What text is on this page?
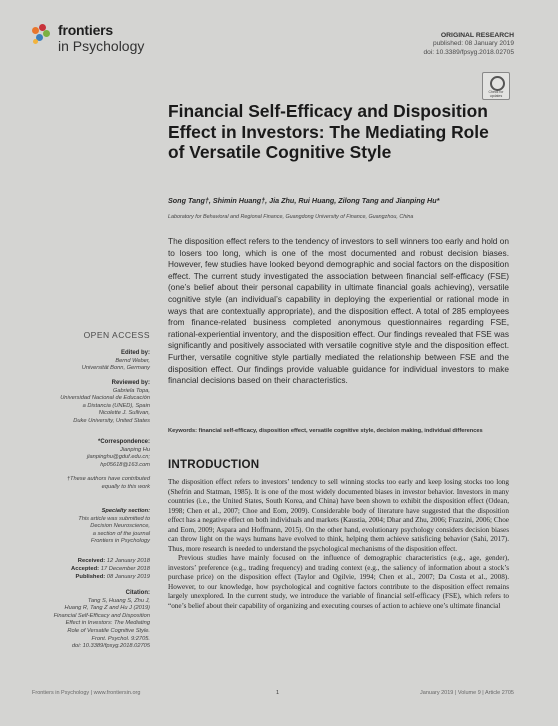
frontiers
in Psychology
ORIGINAL RESEARCH
published: 08 January 2019
doi: 10.3389/fpsyg.2018.02705
Check for updates
Financial Self-Efficacy and Disposition Effect in Investors: The Mediating Role of Versatile Cognitive Style
Song Tang†, Shimin Huang†, Jia Zhu, Rui Huang, Zilong Tang and Jianping Hu*
Laboratory for Behavioral and Regional Finance, Guangdong University of Finance, Guangzhou, China
The disposition effect refers to the tendency of investors to sell winners too early and hold on to losers too long, which is one of the most documented and robust decision biases. However, few studies have looked beyond demographic and social factors on the disposition effect. The current study investigated the association between financial self-efficacy (FSE) (one’s belief about their personal capability in ultimate financial goals achieving), versatile cognitive style (an individual’s capability in deploying the experiential or rational mode in ways that are contextually appropriate), and the disposition effect. A total of 285 employees from finance-related business completed anonymous questionnaires regarding FSE, rational-experiential inventory, and the disposition effect. Our findings revealed that FSE was significantly and positively associated with versatile cognitive style and the disposition effect. Further, versatile cognitive style partially mediated the relationship between FSE and the disposition effect. Our findings provide valuable guidance for individual investors to make financial decisions based on their characteristics.
Keywords: financial self-efficacy, disposition effect, versatile cognitive style, decision making, individual differences
INTRODUCTION

The disposition effect refers to investors’ tendency to sell winning stocks too early and keep losing stocks too long (Shefrin and Statman, 1985). It is one of the most widely documented biases in investor behavior. Investors in many countries (i.e., the United States, South Korea, and China) have been shown to exhibit the disposition effect (Odean, 1998; Chen et al., 2007; Choe and Eom, 2009). Considerable body of literature have suggested that the disposition effect has a negative effect on both individuals and markets (Kaustia, 2004; Dhar and Zhu, 2006; Frazzini, 2006; Choe and Eom, 2009; Aspara and Hoffmann, 2015). On the other hand, evolutionary psychology considers decision biases can throw light on the ways humans have evolved to think, helping them achieve satisficing behavior (Sahi, 2017). Thus, more research is needed to understand the psychological mechanisms of the disposition effect.

Previous studies have mainly focused on the influence of demographic characteristics (e.g., age, gender), investors’ preference (e.g., trading frequency) and trading context (e.g., the saliency of information about a stock’s purchase price) on the disposition effect (Taylor and Ogilvie, 1994; Chen et al., 2007; Da Costa et al., 2008). However, to our knowledge, how psychological and cognitive factors contribute to the disposition effect remains largely unexplored. In the current study, we introduce the variable of financial self-efficacy (FSE), which refers to “one’s belief about their capability of organizing and executing courses of action to achieve one’s ultimate financial

OPEN ACCESS
Edited by:
Bernd Weber,
Universität Bonn, Germany
Reviewed by:
Gabriela Topa,
Universidad Nacional de Educación
a Distancia (UNED), Spain
Nicolette J. Sullivan,
Duke University, United States
*Correspondence:
Jianping Hu
jianpinghu@gduf.edu.cn;
hp05618@163.com
†These authors have contributed
equally to this work
Specialty section:
This article was submitted to
Decision Neuroscience,
a section of the journal
Frontiers in Psychology
Received: 12 January 2018
Accepted: 17 December 2018
Published: 08 January 2019
Citation:
Tang S, Huang S, Zhu J,
Huang R, Tang Z and Hu J (2019)
Financial Self-Efficacy and Disposition
Effect in Investors: The Mediating
Role of Versatile Cognitive Style.
Front. Psychol. 9:2705.
doi: 10.3389/fpsyg.2018.02705
Frontiers in Psychology | www.frontiersin.org	1	January 2019 | Volume 9 | Article 2705
